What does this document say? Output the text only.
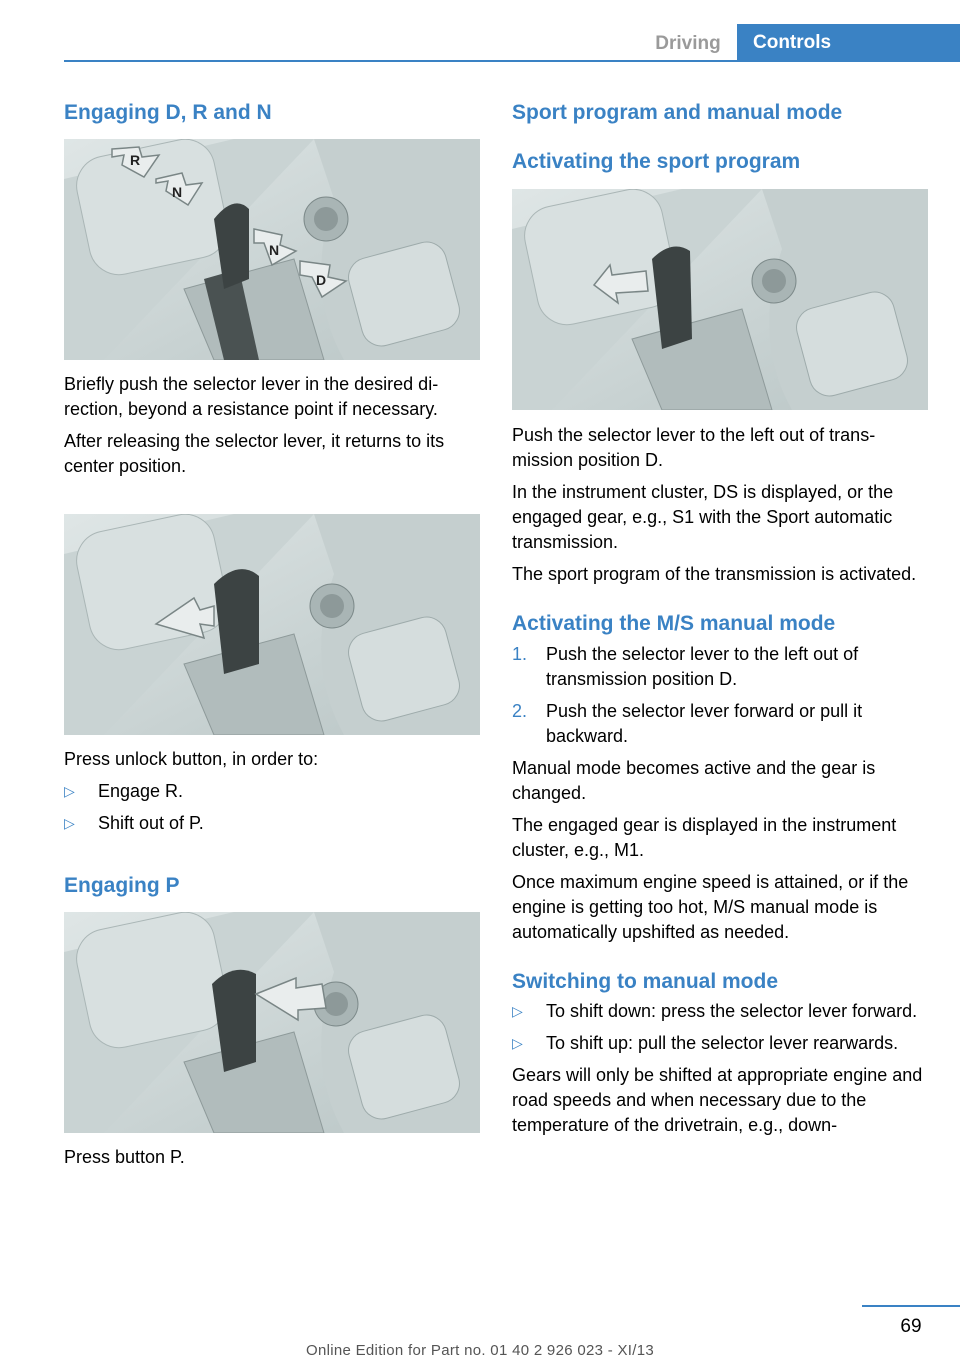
Driving	Controls
Engaging D, R and N
R
N
N
D

Briefly push the selector lever in the desired direction, beyond a resistance point if necessary.

After releasing the selector lever, it returns to its center position.

Press unlock button, in order to:

▷ Engage R.
▷ Shift out of P.
Engaging P

Press button P.

Sport program and manual mode
Activating the sport program

Push the selector lever to the left out of transmission position D.

In the instrument cluster, DS is displayed, or the engaged gear, e.g., S1 with the Sport automatic transmission.

The sport program of the transmission is activated.

Activating the M/S manual mode
1. Push the selector lever to the left out of transmission position D.
2. Push the selector lever forward or pull it backward.

Manual mode becomes active and the gear is changed.

The engaged gear is displayed in the instrument cluster, e.g., M1.

Once maximum engine speed is attained, or if the engine is getting too hot, M/S manual mode is automatically upshifted as needed.

Switching to manual mode
▷ To shift down: press the selector lever forward.
▷ To shift up: pull the selector lever rearwards.

Gears will only be shifted at appropriate engine and road speeds and when necessary due to the temperature of the drivetrain, e.g., down-

69
Online Edition for Part no. 01 40 2 926 023 - XI/13
